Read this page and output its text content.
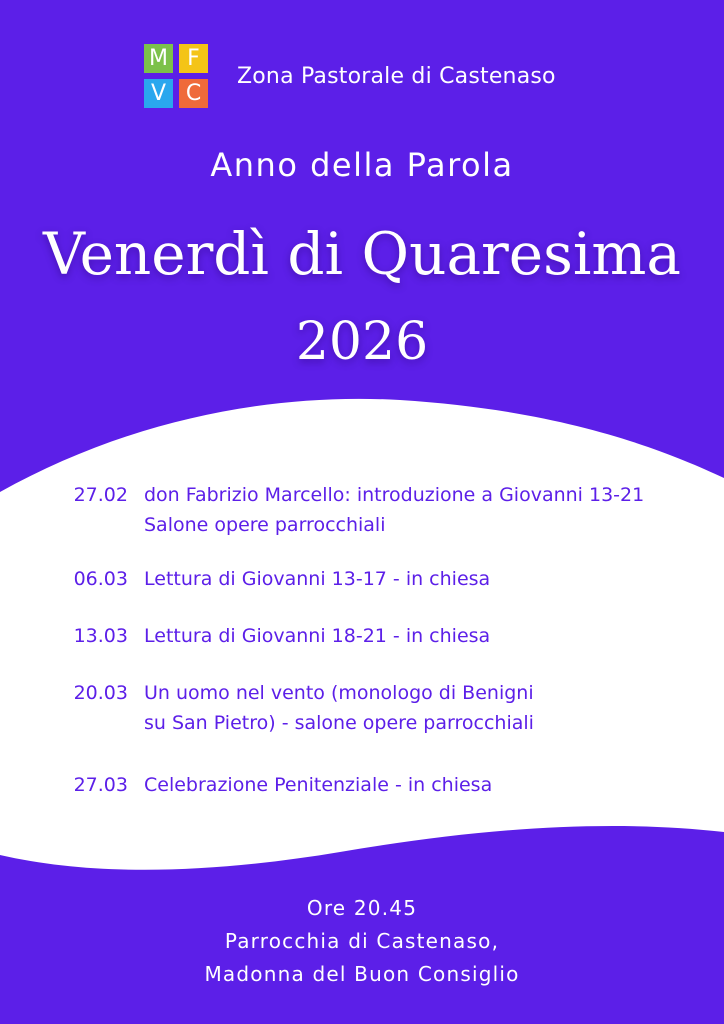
M F
V C
Zona Pastorale di Castenaso
Anno della Parola
Venerdì di Quaresima
2026
27.02 don Fabrizio Marcello: introduzione a Giovanni 13-21
Salone opere parrocchiali
06.03 Lettura di Giovanni 13-17 - in chiesa
13.03 Lettura di Giovanni 18-21 - in chiesa
20.03 Un uomo nel vento (monologo di Benigni
su San Pietro) - salone opere parrocchiali
27.03 Celebrazione Penitenziale - in chiesa
Ore 20.45
Parrocchia di Castenaso,
Madonna del Buon Consiglio
